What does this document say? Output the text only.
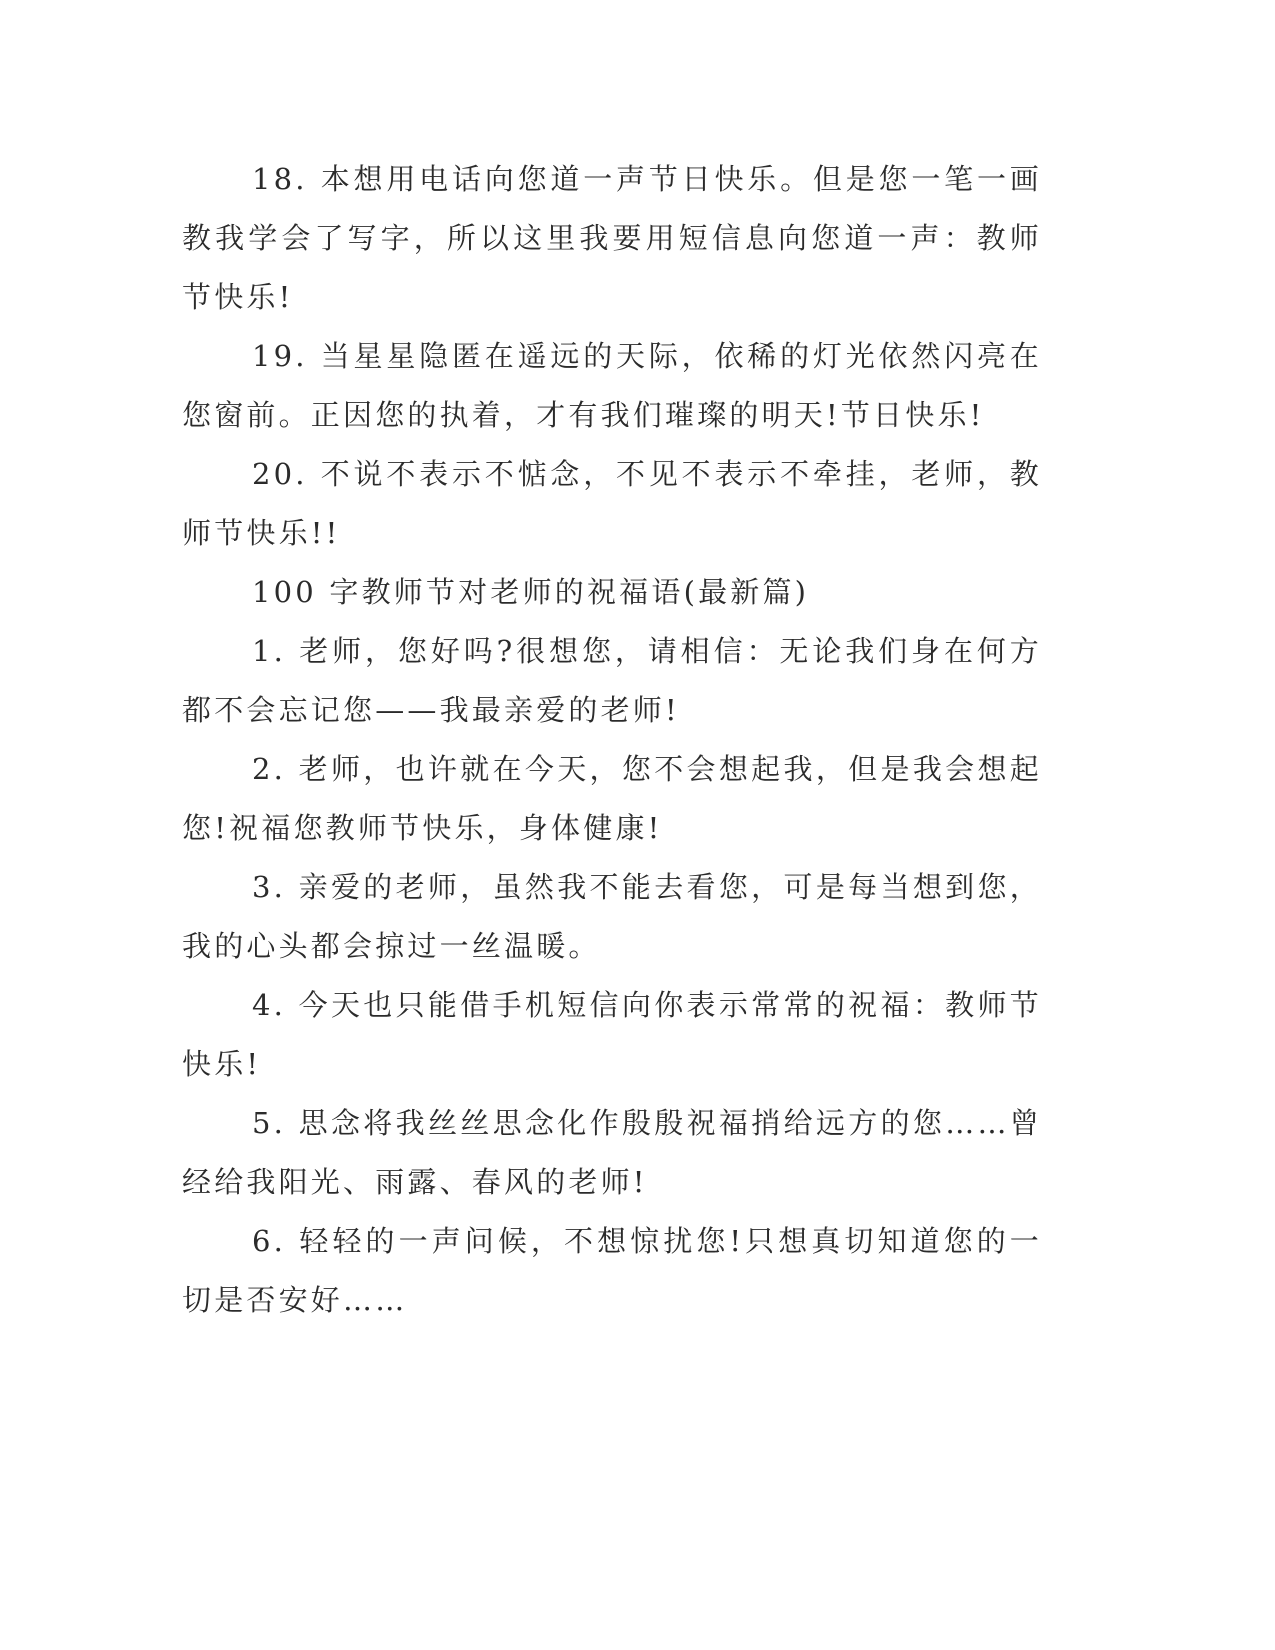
18. 本想用电话向您道一声节日快乐。但是您一笔一画教我学会了写字，所以这里我要用短信息向您道一声：教师节快乐!

19. 当星星隐匿在遥远的天际，依稀的灯光依然闪亮在您窗前。正因您的执着，才有我们璀璨的明天!节日快乐!

20. 不说不表示不惦念，不见不表示不牵挂，老师，教师节快乐!!

100 字教师节对老师的祝福语(最新篇)

1. 老师，您好吗?很想您，请相信：无论我们身在何方都不会忘记您——我最亲爱的老师!

2. 老师，也许就在今天，您不会想起我，但是我会想起您!祝福您教师节快乐，身体健康!

3. 亲爱的老师，虽然我不能去看您，可是每当想到您，我的心头都会掠过一丝温暖。

4. 今天也只能借手机短信向你表示常常的祝福：教师节快乐!

5. 思念将我丝丝思念化作殷殷祝福捎给远方的您……曾经给我阳光、雨露、春风的老师!

6. 轻轻的一声问候，不想惊扰您!只想真切知道您的一切是否安好……
